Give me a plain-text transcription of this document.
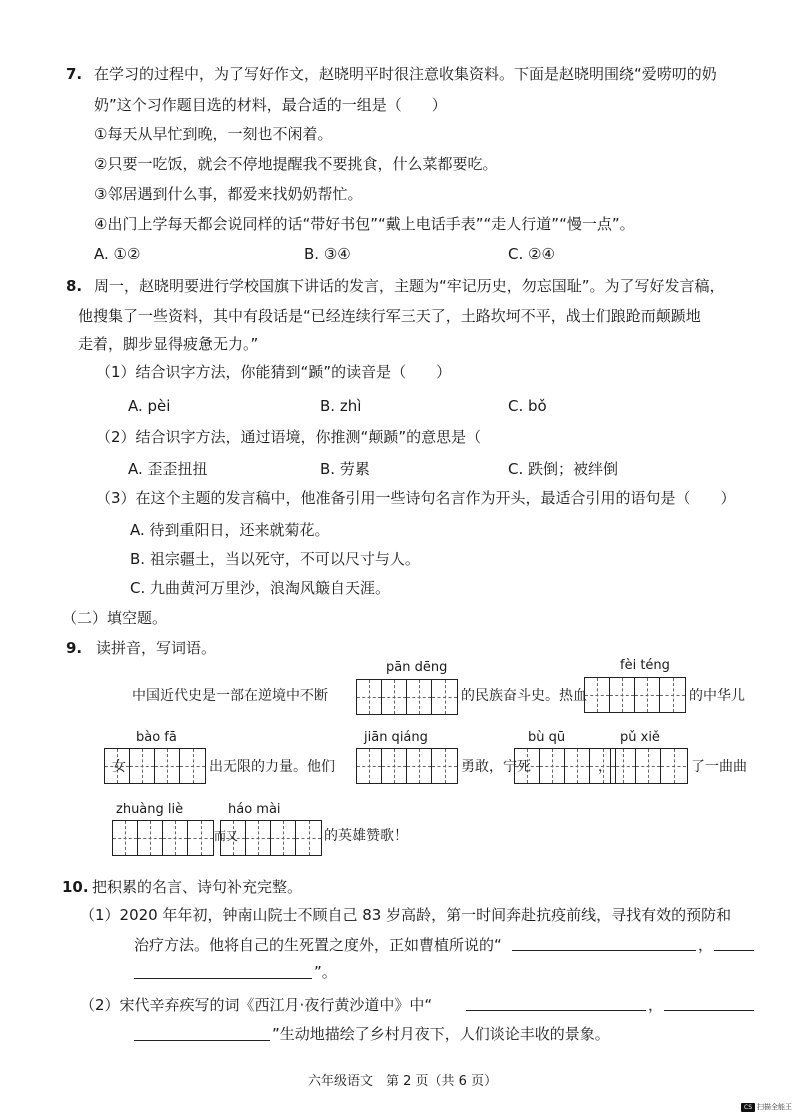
7. 在学习的过程中，为了写好作文，赵晓明平时很注意收集资料。下面是赵晓明围绕“爱唠叨的奶
奶”这个习作题目选的材料，最合适的一组是（　　）
①每天从早忙到晚，一刻也不闲着。
②只要一吃饭，就会不停地提醒我不要挑食，什么菜都要吃。
③邻居遇到什么事，都爱来找奶奶帮忙。
④出门上学每天都会说同样的话“带好书包”“戴上电话手表”“走人行道”“慢一点”。
A. ①②	B. ③④	C. ②④
8. 周一，赵晓明要进行学校国旗下讲话的发言，主题为“牢记历史，勿忘国耻”。为了写好发言稿，
他搜集了一些资料，其中有段话是“已经连续行军三天了，土路坎坷不平，战士们踉跄而颠踬地
走着，脚步显得疲惫无力。”
（1）结合识字方法，你能猜到“踬”的读音是（　　）
A. pèi	B. zhì	C. bǒ
（2）结合识字方法，通过语境，你推测“颠踬”的意思是（
A. 歪歪扭扭	B. 劳累	C. 跌倒；被绊倒
（3）在这个主题的发言稿中，他准备引用一些诗句名言作为开头，最适合引用的语句是（　　）
A. 待到重阳日，还来就菊花。
B. 祖宗疆土，当以死守，不可以尺寸与人。
C. 九曲黄河万里沙，浪淘风簸自天涯。
（二）填空题。
9. 读拼音，写词语。
pān dēng	fèi téng
中国近代史是一部在逆境中不断	的民族奋斗史。热血	的中华儿
bào fā	jiān qiáng	bù qū	pǔ xiě
女	出无限的力量。他们	勇敢，宁死	，	了一曲曲
zhuàng liè	háo mài
而又	的英雄赞歌！
10. 把积累的名言、诗句补充完整。
（1）2020 年年初，钟南山院士不顾自己 83 岁高龄，第一时间奔赴抗疫前线，寻找有效的预防和
治疗方法。他将自己的生死置之度外，正如曹植所说的“	，
”。
（2）宋代辛弃疾写的词《西江月·夜行黄沙道中》中“	，
”生动地描绘了乡村月夜下，人们谈论丰收的景象。
六年级语文　第 2 页（共 6 页）
CS 扫描全能王
